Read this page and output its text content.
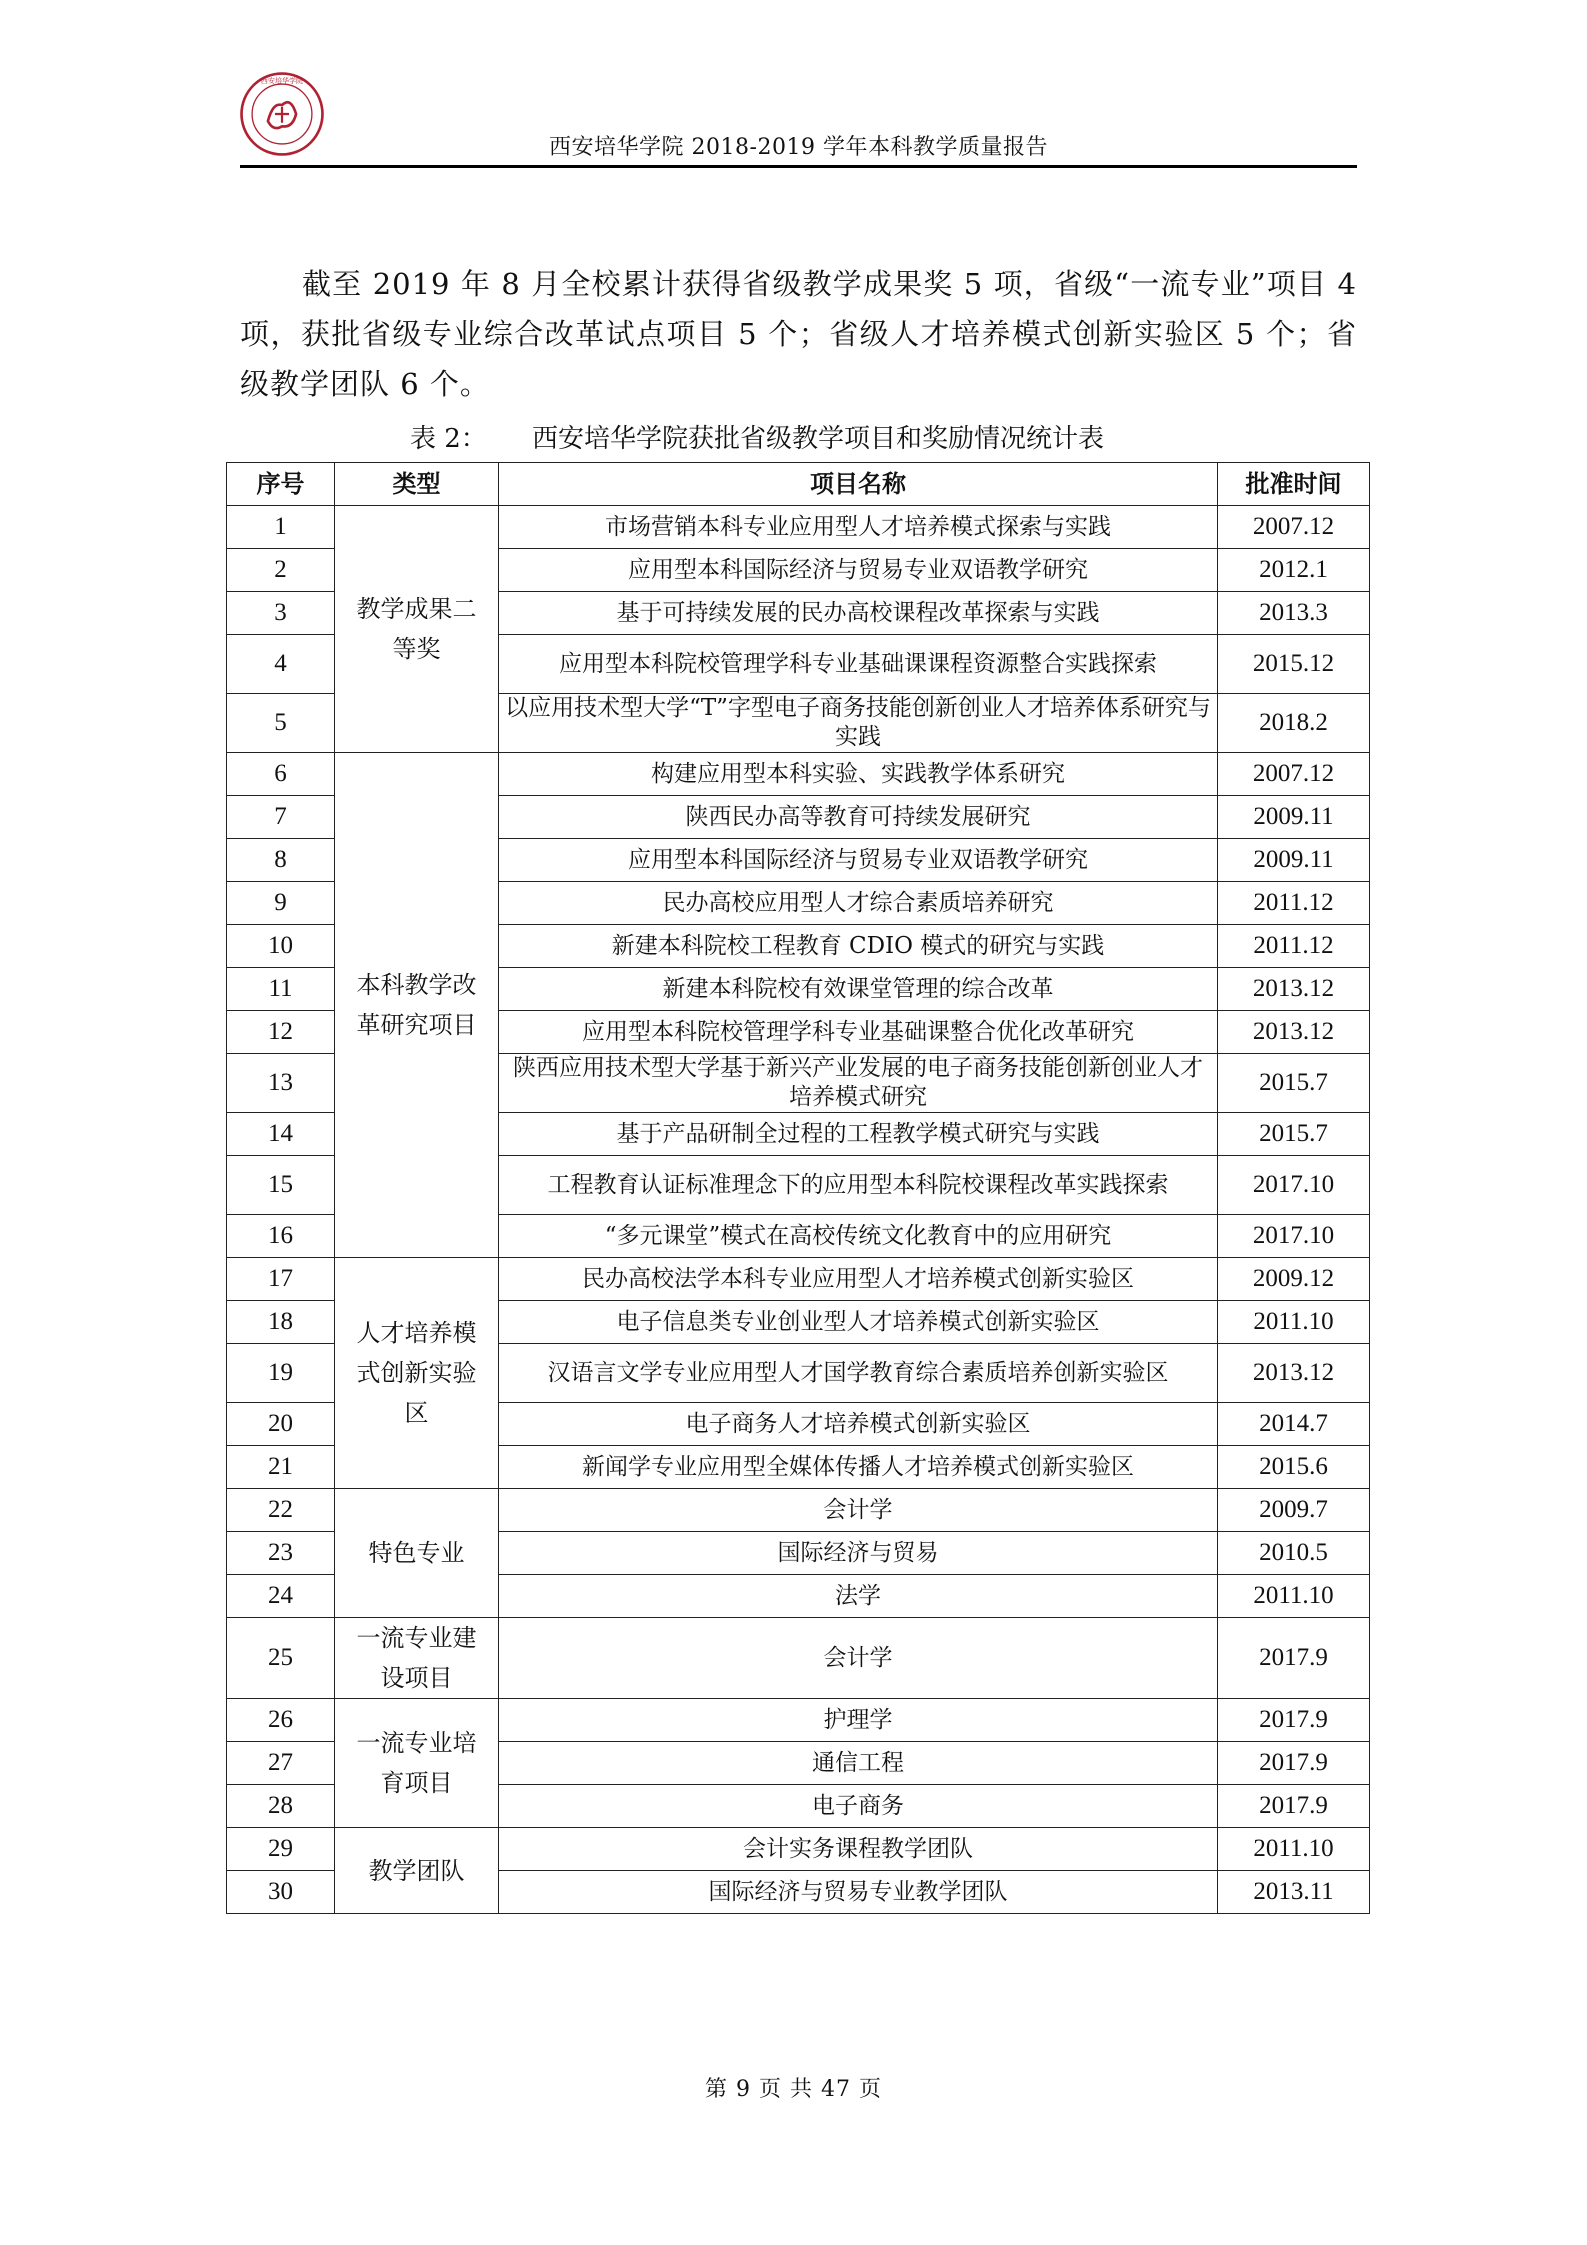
西安培华学院
西安培华学院 2018-2019 学年本科教学质量报告

截至 2019 年 8 月全校累计获得省级教学成果奖 5 项，省级“一流专业”项目 4 项，获批省级专业综合改革试点项目 5 个；省级人才培养模式创新实验区 5 个；省级教学团队 6 个。

表 2： 西安培华学院获批省级教学项目和奖励情况统计表
序号	类型	项目名称	批准时间
1	教学成果二等奖	市场营销本科专业应用型人才培养模式探索与实践	2007.12
2		应用型本科国际经济与贸易专业双语教学研究	2012.1
3		基于可持续发展的民办高校课程改革探索与实践	2013.3
4		应用型本科院校管理学科专业基础课课程资源整合实践探索	2015.12
5		以应用技术型大学“T”字型电子商务技能创新创业人才培养体系研究与实践	2018.2
6	本科教学改革研究项目	构建应用型本科实验、实践教学体系研究	2007.12
7		陕西民办高等教育可持续发展研究	2009.11
8		应用型本科国际经济与贸易专业双语教学研究	2009.11
9		民办高校应用型人才综合素质培养研究	2011.12
10		新建本科院校工程教育 CDIO 模式的研究与实践	2011.12
11		新建本科院校有效课堂管理的综合改革	2013.12
12		应用型本科院校管理学科专业基础课整合优化改革研究	2013.12
13		陕西应用技术型大学基于新兴产业发展的电子商务技能创新创业人才培养模式研究	2015.7
14		基于产品研制全过程的工程教学模式研究与实践	2015.7
15		工程教育认证标准理念下的应用型本科院校课程改革实践探索	2017.10
16		“多元课堂”模式在高校传统文化教育中的应用研究	2017.10
17	人才培养模式创新实验区	民办高校法学本科专业应用型人才培养模式创新实验区	2009.12
18		电子信息类专业创业型人才培养模式创新实验区	2011.10
19		汉语言文学专业应用型人才国学教育综合素质培养创新实验区	2013.12
20		电子商务人才培养模式创新实验区	2014.7
21		新闻学专业应用型全媒体传播人才培养模式创新实验区	2015.6
22	特色专业	会计学	2009.7
23		国际经济与贸易	2010.5
24		法学	2011.10
25	一流专业建设项目	会计学	2017.9
26	一流专业培育项目	护理学	2017.9
27		通信工程	2017.9
28		电子商务	2017.9
29	教学团队	会计实务课程教学团队	2011.10
30		国际经济与贸易专业教学团队	2013.11
第 9 页 共 47 页
